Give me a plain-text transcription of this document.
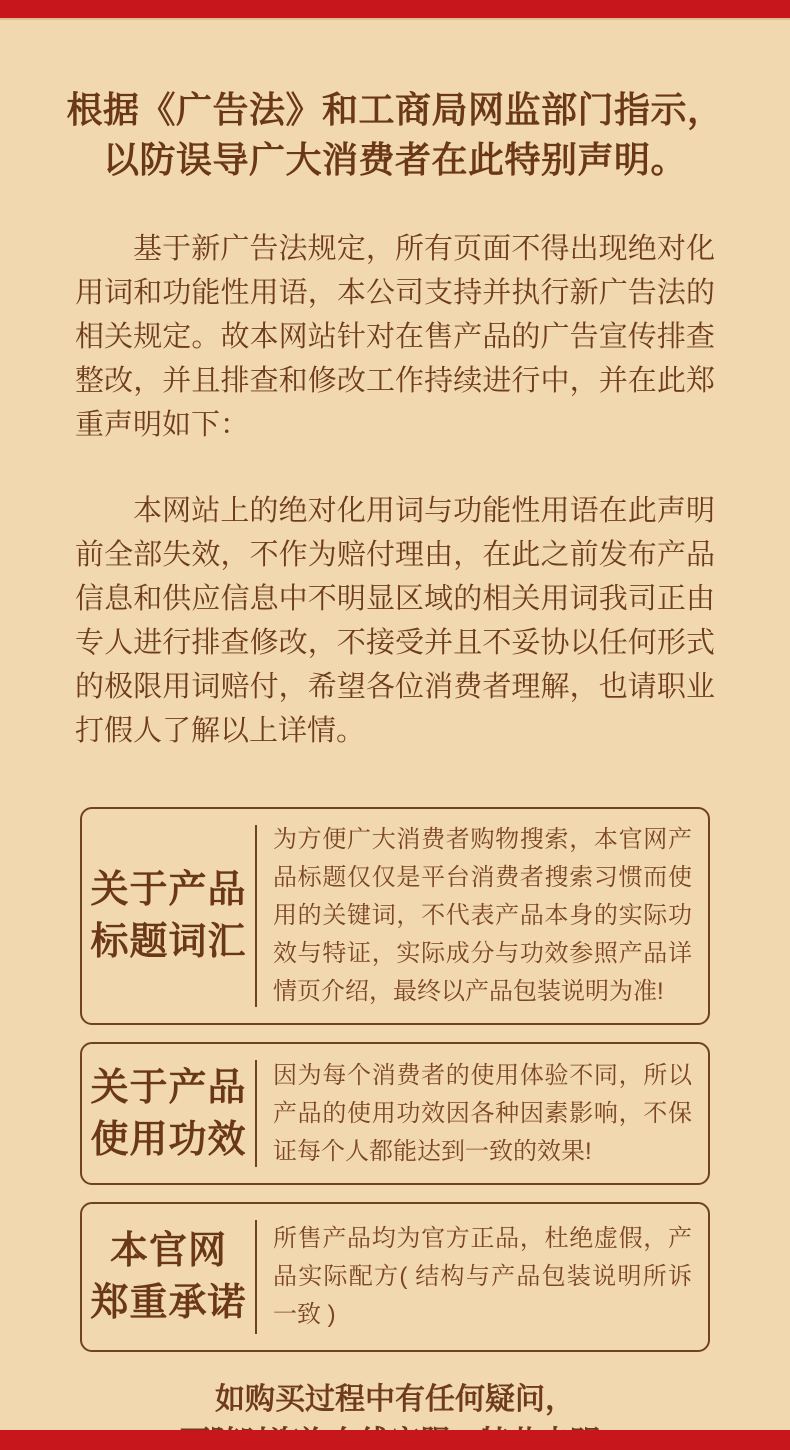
根据《广告法》和工商局网监部门指示，
以防误导广大消费者在此特别声明。

基于新广告法规定，所有页面不得出现绝对化用词和功能性用语，本公司支持并执行新广告法的相关规定。故本网站针对在售产品的广告宣传排查整改，并且排查和修改工作持续进行中，并在此郑重声明如下：

本网站上的绝对化用词与功能性用语在此声明前全部失效，不作为赔付理由，在此之前发布产品信息和供应信息中不明显区域的相关用词我司正由专人进行排查修改，不接受并且不妥协以任何形式的极限用词赔付，希望各位消费者理解，也请职业打假人了解以上详情。

关于产品
标题词汇
为方便广大消费者购物搜索，本官网产品标题仅仅是平台消费者搜索习惯而使用的关键词，不代表产品本身的实际功效与特证，实际成分与功效参照产品详情页介绍，最终以产品包装说明为准!
关于产品
使用功效
因为每个消费者的使用体验不同，所以产品的使用功效因各种因素影响，不保证每个人都能达到一致的效果!
本官网
郑重承诺
所售产品均为官方正品，杜绝虚假，产品实际配方( 结构与产品包装说明所诉一致 )
如购买过程中有任何疑问，
